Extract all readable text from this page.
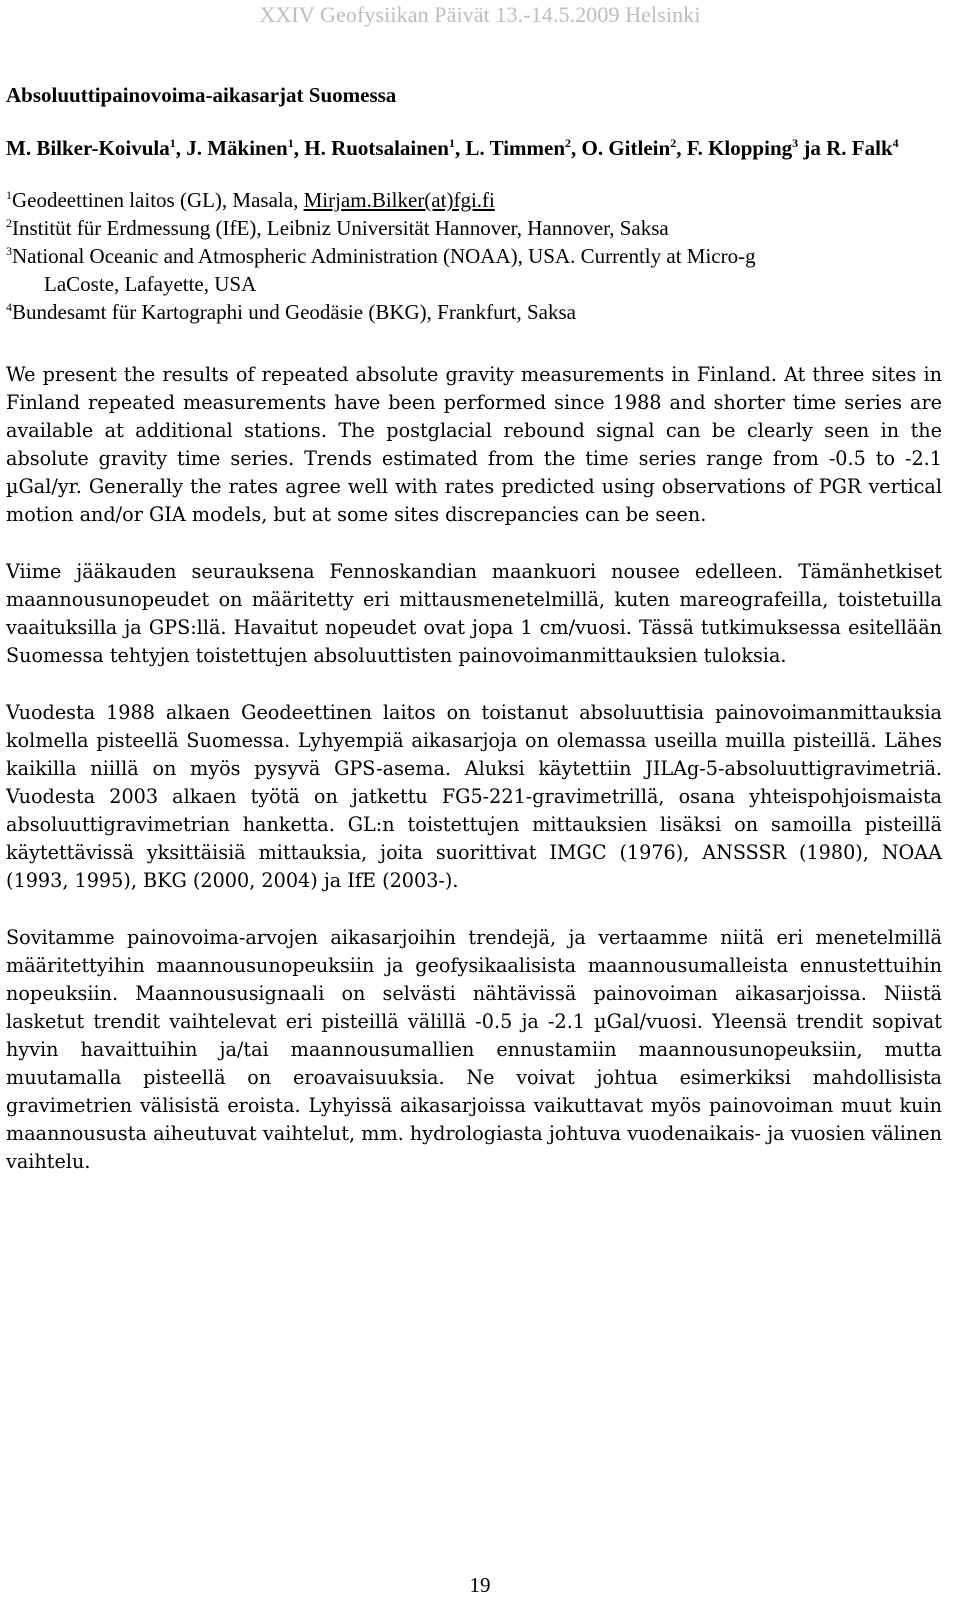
XXIV Geofysiikan Päivät 13.-14.5.2009 Helsinki
Absoluuttipainovoima-aikasarjat Suomessa
M. Bilker-Koivula$^1$, J. Mäkinen$^1$, H. Ruotsalainen$^1$, L. Timmen$^2$, O. Gitlein$^2$, F. Klopping$^3$ ja R. Falk$^4$
$^1$Geodeettinen laitos (GL), Masala, Mirjam.Bilker(at)fgi.fi
$^2$Institüt für Erdmessung (IfE), Leibniz Universität Hannover, Hannover, Saksa
$^3$National Oceanic and Atmospheric Administration (NOAA), USA. Currently at Micro-g
LaCoste, Lafayette, USA
$^4$Bundesamt für Kartographi und Geodäsie (BKG), Frankfurt, Saksa

We present the results of repeated absolute gravity measurements in Finland. At three sites in Finland repeated measurements have been performed since 1988 and shorter time series are available at additional stations. The postglacial rebound signal can be clearly seen in the absolute gravity time series. Trends estimated from the time series range from -0.5 to -2.1 µGal/yr. Generally the rates agree well with rates predicted using observations of PGR vertical motion and/or GIA models, but at some sites discrepancies can be seen.

Viime jääkauden seurauksena Fennoskandian maankuori nousee edelleen. Tämänhetkiset maannousunopeudet on määritetty eri mittausmenetelmillä, kuten mareografeilla, toistetuilla vaaituksilla ja GPS:llä. Havaitut nopeudet ovat jopa 1 cm/vuosi. Tässä tutkimuksessa esitellään Suomessa tehtyjen toistettujen absoluuttisten painovoimanmittauksien tuloksia.

Vuodesta 1988 alkaen Geodeettinen laitos on toistanut absoluuttisia painovoimanmittauksia kolmella pisteellä Suomessa. Lyhyempiä aikasarjoja on olemassa useilla muilla pisteillä. Lähes kaikilla niillä on myös pysyvä GPS-asema. Aluksi käytettiin JILAg-5-absoluuttigravimetriä. Vuodesta 2003 alkaen työtä on jatkettu FG5-221-gravimetrillä, osana yhteispohjoismaista absoluuttigravimetrian hanketta. GL:n toistettujen mittauksien lisäksi on samoilla pisteillä käytettävissä yksittäisiä mittauksia, joita suorittivat IMGC (1976), ANSSSR (1980), NOAA (1993, 1995), BKG (2000, 2004) ja IfE (2003-).

Sovitamme painovoima-arvojen aikasarjoihin trendejä, ja vertaamme niitä eri menetelmillä määritettyihin maannousunopeuksiin ja geofysikaalisista maannousumalleista ennustettuihin nopeuksiin. Maannoususignaali on selvästi nähtävissä painovoiman aikasarjoissa. Niistä lasketut trendit vaihtelevat eri pisteillä välillä -0.5 ja -2.1 µGal/vuosi. Yleensä trendit sopivat hyvin havaittuihin ja/tai maannousumallien ennustamiin maannousunopeuksiin, mutta muutamalla pisteellä on eroavaisuuksia. Ne voivat johtua esimerkiksi mahdollisista gravimetrien välisistä eroista. Lyhyissä aikasarjoissa vaikuttavat myös painovoiman muut kuin maannoususta aiheutuvat vaihtelut, mm. hydrologiasta johtuva vuodenaikais- ja vuosien välinen vaihtelu.

19
